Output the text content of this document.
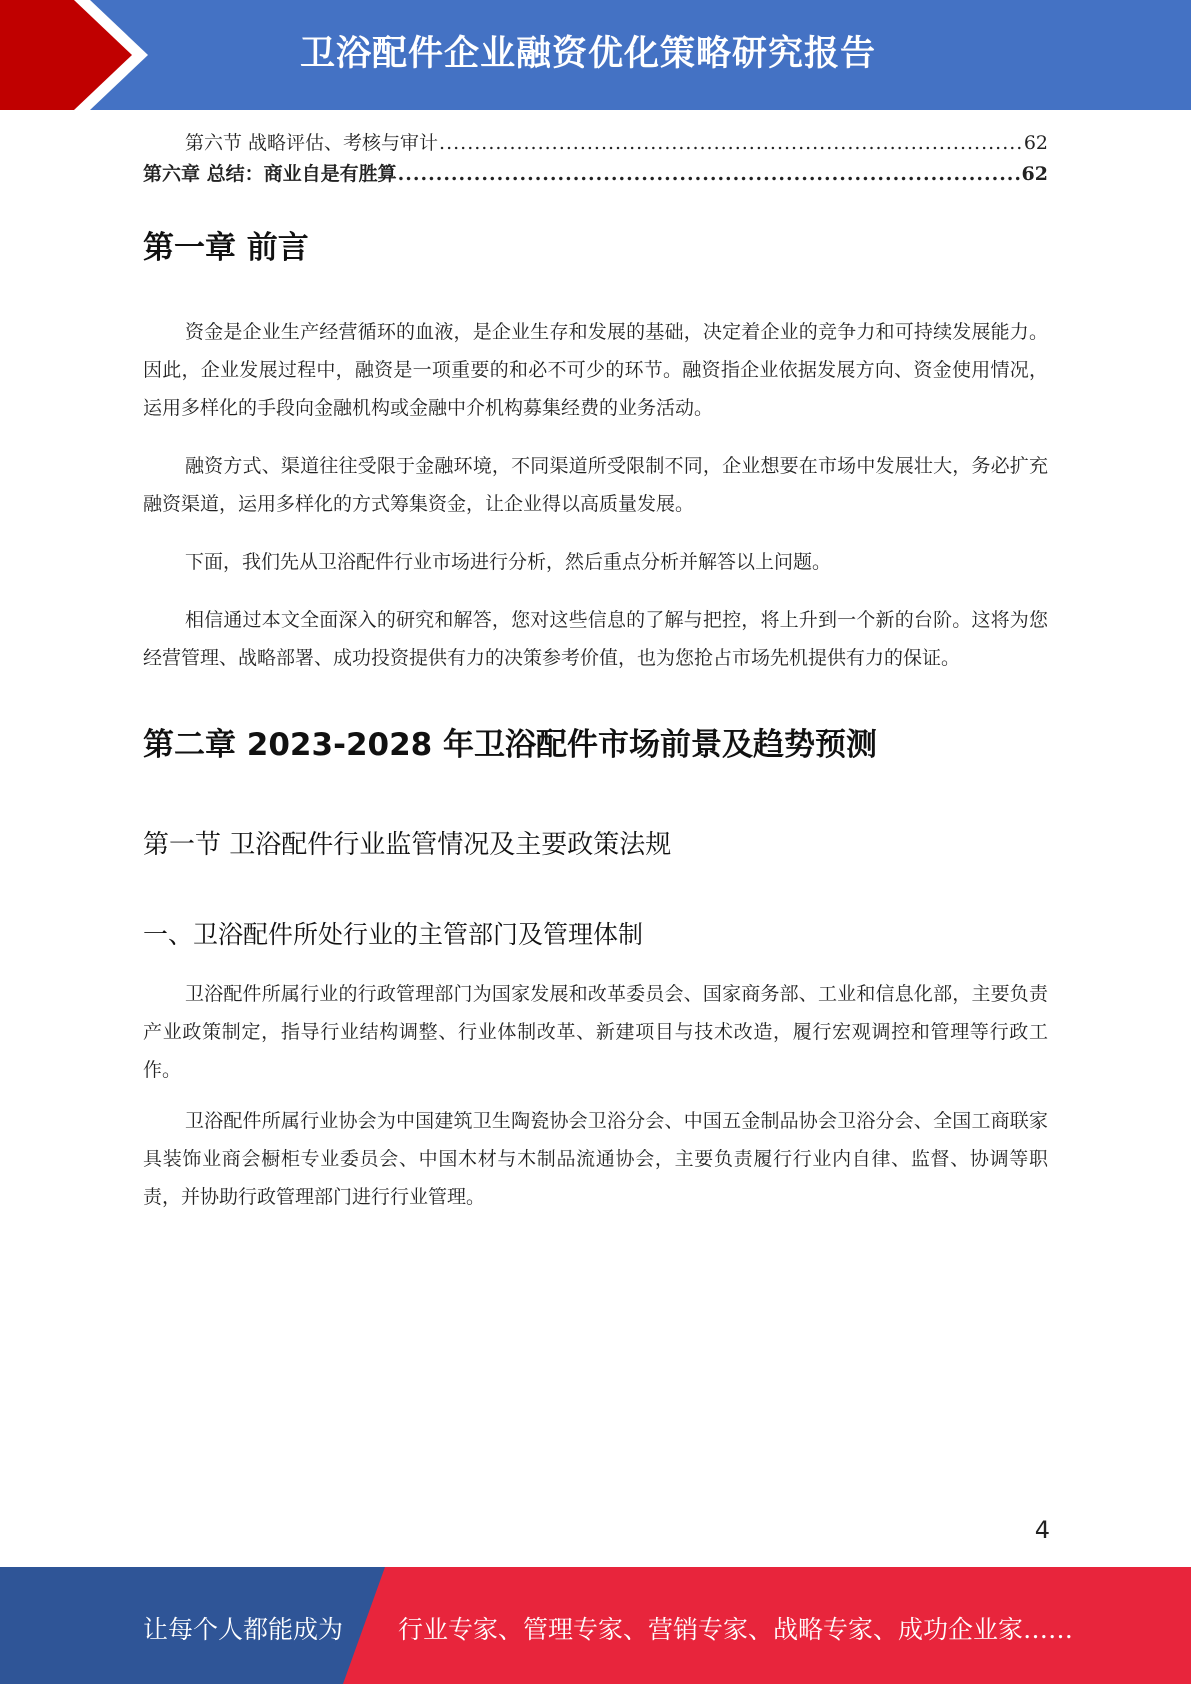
卫浴配件企业融资优化策略研究报告
第六节 战略评估、考核与审计 .....	62
第六章 总结：商业自是有胜算 .....	62
第一章 前言

资金是企业生产经营循环的血液，是企业生存和发展的基础，决定着企业的竞争力和可持续发展能力。因此，企业发展过程中，融资是一项重要的和必不可少的环节。融资指企业依据发展方向、资金使用情况，运用多样化的手段向金融机构或金融中介机构募集经费的业务活动。

融资方式、渠道往往受限于金融环境，不同渠道所受限制不同，企业想要在市场中发展壮大，务必扩充融资渠道，运用多样化的方式筹集资金，让企业得以高质量发展。

下面，我们先从卫浴配件行业市场进行分析，然后重点分析并解答以上问题。

相信通过本文全面深入的研究和解答，您对这些信息的了解与把控，将上升到一个新的台阶。这将为您经营管理、战略部署、成功投资提供有力的决策参考价值，也为您抢占市场先机提供有力的保证。

第二章 2023-2028 年卫浴配件市场前景及趋势预测
第一节 卫浴配件行业监管情况及主要政策法规
一、卫浴配件所处行业的主管部门及管理体制

卫浴配件所属行业的行政管理部门为国家发展和改革委员会、国家商务部、工业和信息化部，主要负责产业政策制定，指导行业结构调整、行业体制改革、新建项目与技术改造，履行宏观调控和管理等行政工作。

卫浴配件所属行业协会为中国建筑卫生陶瓷协会卫浴分会、中国五金制品协会卫浴分会、全国工商联家具装饰业商会橱柜专业委员会、中国木材与木制品流通协会，主要负责履行行业内自律、监督、协调等职责，并协助行政管理部门进行行业管理。

4
让每个人都能成为 行业专家、管理专家、营销专家、战略专家、成功企业家……
